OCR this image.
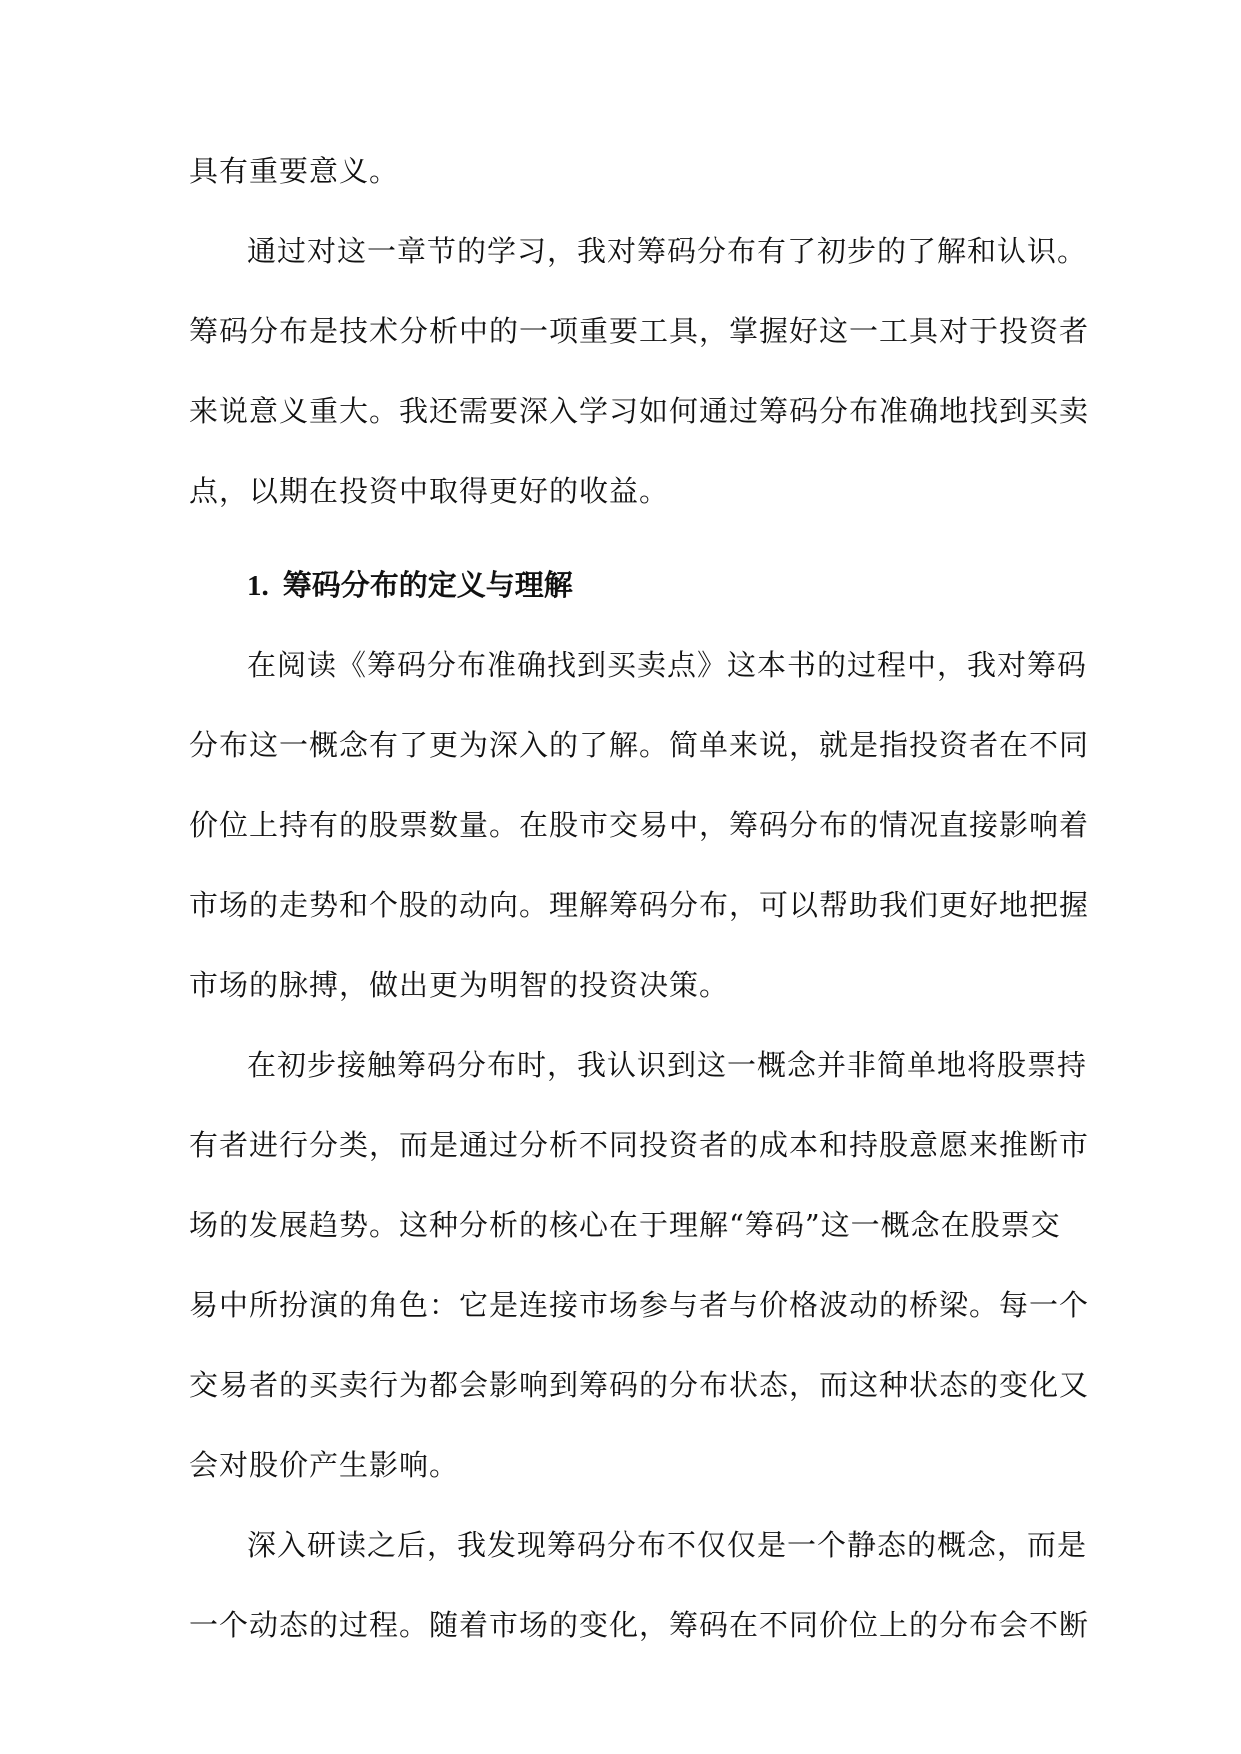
具有重要意义。
通过对这一章节的学习，我对筹码分布有了初步的了解和认识。
筹码分布是技术分析中的一项重要工具，掌握好这一工具对于投资者
来说意义重大。我还需要深入学习如何通过筹码分布准确地找到买卖
点，以期在投资中取得更好的收益。
1. 筹码分布的定义与理解
在阅读《筹码分布准确找到买卖点》这本书的过程中，我对筹码
分布这一概念有了更为深入的了解。简单来说，就是指投资者在不同
价位上持有的股票数量。在股市交易中，筹码分布的情况直接影响着
市场的走势和个股的动向。理解筹码分布，可以帮助我们更好地把握
市场的脉搏，做出更为明智的投资决策。
在初步接触筹码分布时，我认识到这一概念并非简单地将股票持
有者进行分类，而是通过分析不同投资者的成本和持股意愿来推断市
场的发展趋势。这种分析的核心在于理解“筹码”这一概念在股票交
易中所扮演的角色：它是连接市场参与者与价格波动的桥梁。每一个
交易者的买卖行为都会影响到筹码的分布状态，而这种状态的变化又
会对股价产生影响。
深入研读之后，我发现筹码分布不仅仅是一个静态的概念，而是
一个动态的过程。随着市场的变化，筹码在不同价位上的分布会不断
